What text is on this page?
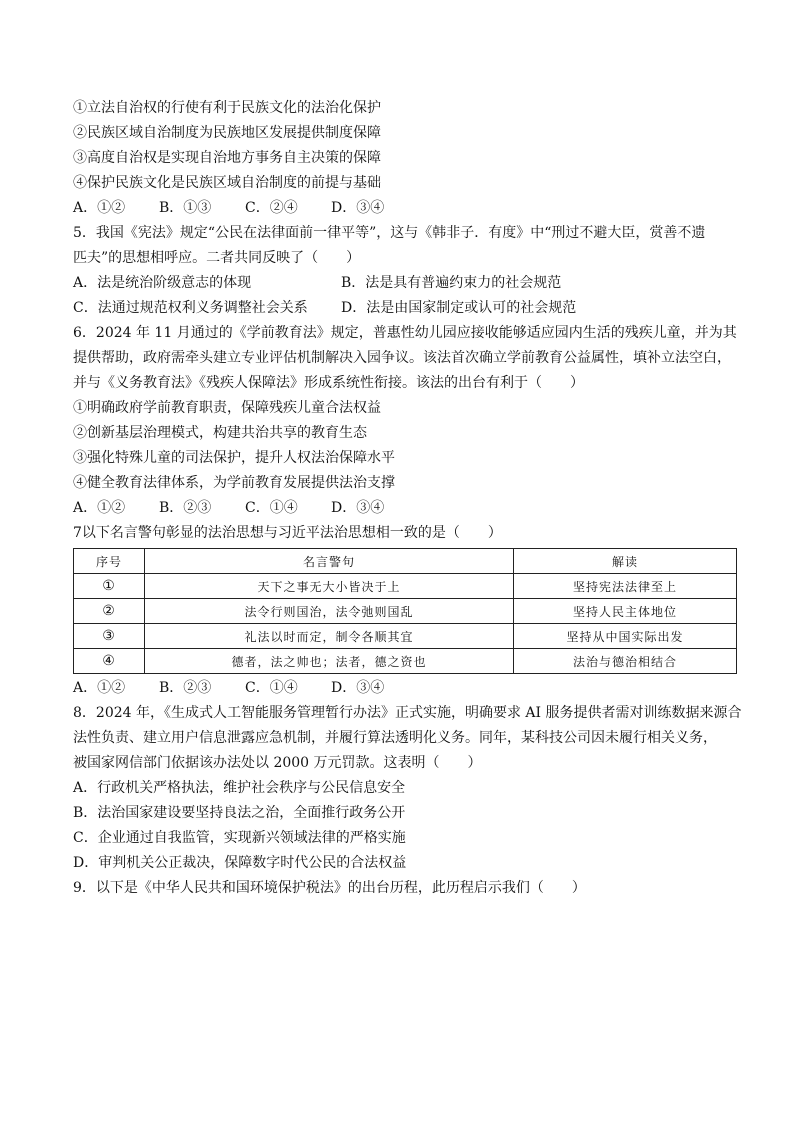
①立法自治权的行使有利于民族文化的法治化保护
②民族区域自治制度为民族地区发展提供制度保障
③高度自治权是实现自治地方事务自主决策的保障
④保护民族文化是民族区域自治制度的前提与基础
A．①②	B．①③	C．②④	D．③④
5．我国《宪法》规定“公民在法律面前一律平等”，这与《韩非子．有度》中“刑过不避大臣，赏善不遗
匹夫”的思想相呼应。二者共同反映了（　　）
A．法是统治阶级意志的体现	B．法是具有普遍约束力的社会规范
C．法通过规范权利义务调整社会关系	D．法是由国家制定或认可的社会规范
6．2024 年 11 月通过的《学前教育法》规定，普惠性幼儿园应接收能够适应园内生活的残疾儿童，并为其
提供帮助，政府需牵头建立专业评估机制解决入园争议。该法首次确立学前教育公益属性，填补立法空白，
并与《义务教育法》《残疾人保障法》形成系统性衔接。该法的出台有利于（　　）
①明确政府学前教育职责，保障残疾儿童合法权益
②创新基层治理模式，构建共治共享的教育生态
③强化特殊儿童的司法保护，提升人权法治保障水平
④健全教育法律体系，为学前教育发展提供法治支撑
A．①②	B．②③	C．①④	D．③④
7以下名言警句彰显的法治思想与习近平法治思想相一致的是（　　）
序号	名言警句	解读
①	天下之事无大小皆决于上	坚持宪法法律至上
②	法令行则国治，法令弛则国乱	坚持人民主体地位
③	礼法以时而定，制令各顺其宜	坚持从中国实际出发
④	德者，法之帅也；法者，德之资也	法治与德治相结合
A．①②	B．②③	C．①④	D．③④
8．2024 年，《生成式人工智能服务管理暂行办法》正式实施，明确要求 AI 服务提供者需对训练数据来源合
法性负责、建立用户信息泄露应急机制，并履行算法透明化义务。同年，某科技公司因未履行相关义务，
被国家网信部门依据该办法处以 2000 万元罚款。这表明（　　）
A．行政机关严格执法，维护社会秩序与公民信息安全
B．法治国家建设要坚持良法之治，全面推行政务公开
C．企业通过自我监管，实现新兴领域法律的严格实施
D．审判机关公正裁决，保障数字时代公民的合法权益
9．以下是《中华人民共和国环境保护税法》的出台历程，此历程启示我们（　　）
